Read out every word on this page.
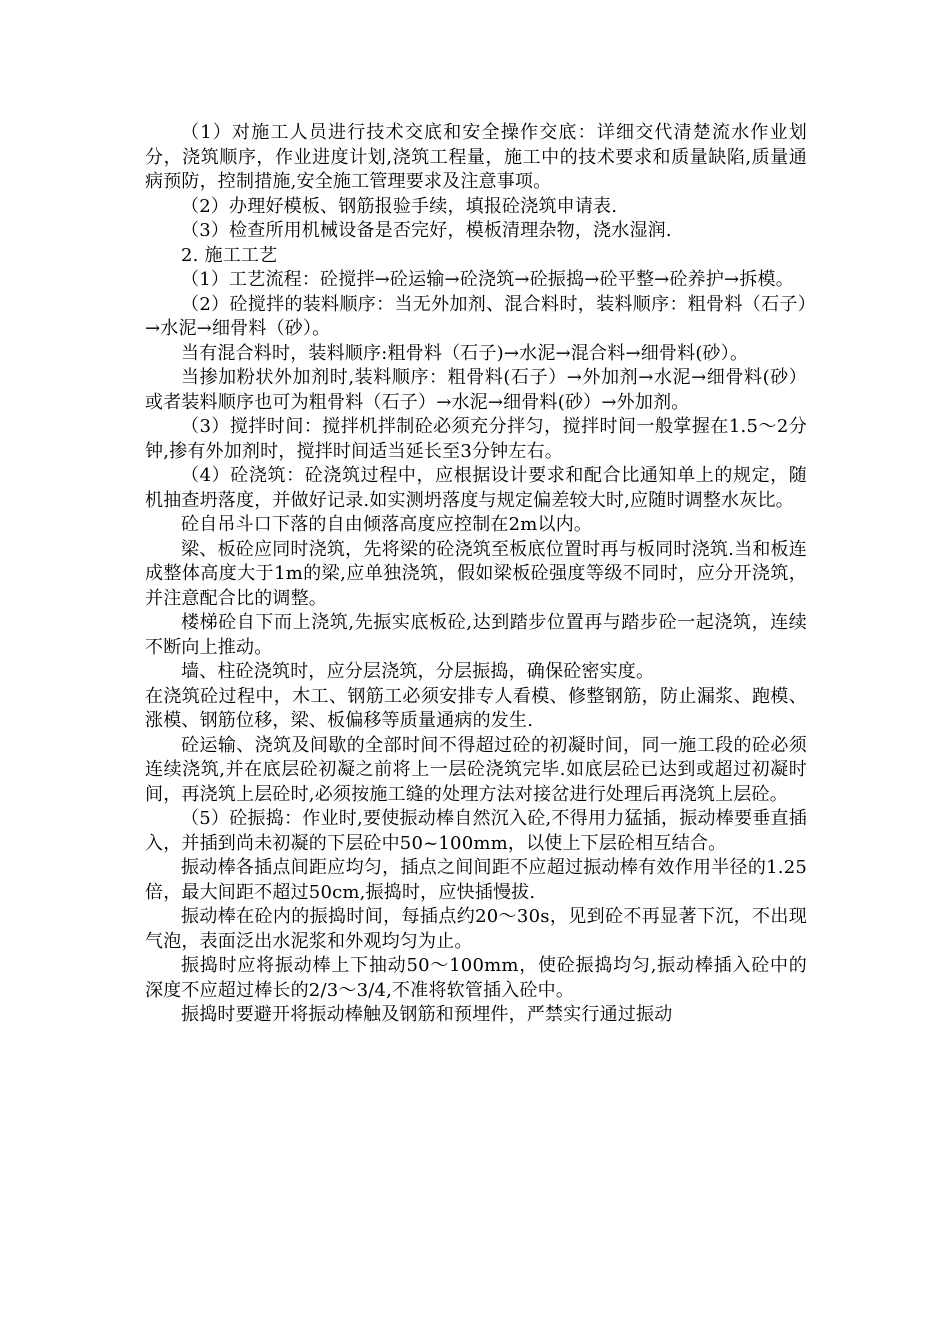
（1）对施工人员进行技术交底和安全操作交底：详细交代清楚流水作业划分，浇筑顺序，作业进度计划,浇筑工程量，施工中的技术要求和质量缺陷,质量通病预防，控制措施,安全施工管理要求及注意事项。

（2）办理好模板、钢筋报验手续，填报砼浇筑申请表.

（3）检查所用机械设备是否完好，模板清理杂物，浇水湿润.

2. 施工工艺

（1）工艺流程：砼搅拌→砼运输→砼浇筑→砼振捣→砼平整→砼养护→拆模。

（2）砼搅拌的装料顺序：当无外加剂、混合料时，装料顺序：粗骨料（石子）→水泥→细骨料（砂）。

当有混合料时，装料顺序:粗骨料（石子)→水泥→混合料→细骨料(砂）。

当掺加粉状外加剂时,装料顺序：粗骨料(石子）→外加剂→水泥→细骨料(砂）或者装料顺序也可为粗骨料（石子）→水泥→细骨料(砂）→外加剂。

（3）搅拌时间：搅拌机拌制砼必须充分拌匀，搅拌时间一般掌握在1.5～2分钟,掺有外加剂时，搅拌时间适当延长至3分钟左右。

（4）砼浇筑：砼浇筑过程中，应根据设计要求和配合比通知单上的规定，随机抽查坍落度，并做好记录.如实测坍落度与规定偏差较大时,应随时调整水灰比。

砼自吊斗口下落的自由倾落高度应控制在2m以内。

梁、板砼应同时浇筑，先将梁的砼浇筑至板底位置时再与板同时浇筑.当和板连成整体高度大于1m的梁,应单独浇筑，假如梁板砼强度等级不同时，应分开浇筑，并注意配合比的调整。

楼梯砼自下而上浇筑,先振实底板砼,达到踏步位置再与踏步砼一起浇筑，连续不断向上推动。

墙、柱砼浇筑时，应分层浇筑，分层振捣，确保砼密实度。

在浇筑砼过程中，木工、钢筋工必须安排专人看模、修整钢筋，防止漏浆、跑模、涨模、钢筋位移，梁、板偏移等质量通病的发生.

砼运输、浇筑及间歇的全部时间不得超过砼的初凝时间，同一施工段的砼必须连续浇筑,并在底层砼初凝之前将上一层砼浇筑完毕.如底层砼已达到或超过初凝时间，再浇筑上层砼时,必须按施工缝的处理方法对接岔进行处理后再浇筑上层砼。

（5）砼振捣：作业时,要使振动棒自然沉入砼,不得用力猛插，振动棒要垂直插入，并插到尚未初凝的下层砼中50~100mm，以使上下层砼相互结合。

振动棒各插点间距应均匀，插点之间间距不应超过振动棒有效作用半径的1.25倍，最大间距不超过50cm,振捣时，应快插慢拔.

振动棒在砼内的振捣时间，每插点约20～30s，见到砼不再显著下沉，不出现气泡，表面泛出水泥浆和外观均匀为止。

振捣时应将振动棒上下抽动50～100mm，使砼振捣均匀,振动棒插入砼中的深度不应超过棒长的2/3～3/4,不准将软管插入砼中。

振捣时要避开将振动棒触及钢筋和预埋件，严禁实行通过振动
